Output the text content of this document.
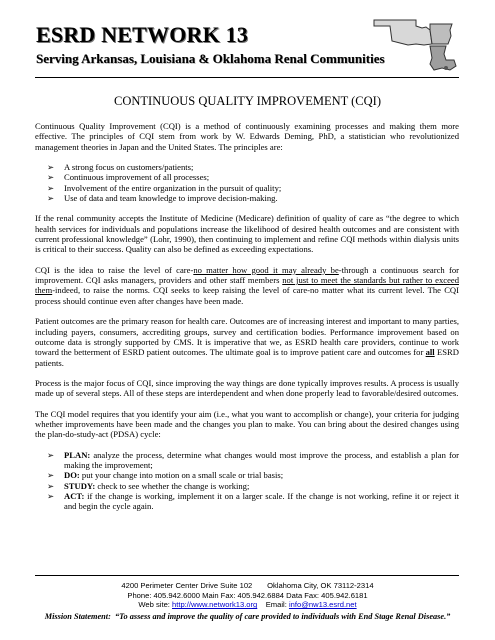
ESRD NETWORK 13
Serving Arkansas, Louisiana & Oklahoma Renal Communities
CONTINUOUS QUALITY IMPROVEMENT (CQI)

Continuous Quality Improvement (CQI) is a method of continuously examining processes and making them more effective. The principles of CQI stem from work by W. Edwards Deming, PhD, a statistician who revolutionized management theories in Japan and the United States. The principles are:

➢ A strong focus on customers/patients;
➢ Continuous improvement of all processes;
➢ Involvement of the entire organization in the pursuit of quality;
➢ Use of data and team knowledge to improve decision-making.

If the renal community accepts the Institute of Medicine (Medicare) definition of quality of care as “the degree to which health services for individuals and populations increase the likelihood of desired health outcomes and are consistent with current professional knowledge” (Lohr, 1990), then continuing to implement and refine CQI methods within dialysis units is critical to their success. Quality can also be defined as exceeding expectations.

CQI is the idea to raise the level of care-no matter how good it may already be-through a continuous search for improvement. CQI asks managers, providers and other staff members not just to meet the standards but rather to exceed them-indeed, to raise the norms. CQI seeks to keep raising the level of care-no matter what its current level. The CQI process should continue even after changes have been made.

Patient outcomes are the primary reason for health care. Outcomes are of increasing interest and important to many parties, including payers, consumers, accrediting groups, survey and certification bodies. Performance improvement based on outcome data is strongly supported by CMS. It is imperative that we, as ESRD health care providers, continue to work toward the betterment of ESRD patient outcomes. The ultimate goal is to improve patient care and outcomes for all ESRD patients.

Process is the major focus of CQI, since improving the way things are done typically improves results. A process is usually made up of several steps. All of these steps are interdependent and when done properly lead to favorable/desired outcomes.

The CQI model requires that you identify your aim (i.e., what you want to accomplish or change), your criteria for judging whether improvements have been made and the changes you plan to make. You can bring about the desired changes using the plan-do-study-act (PDSA) cycle:

➢ PLAN: analyze the process, determine what changes would most improve the process, and establish a plan for making the improvement;
➢ DO: put your change into motion on a small scale or trial basis;
➢ STUDY: check to see whether the change is working;
➢ ACT: if the change is working, implement it on a larger scale. If the change is not working, refine it or reject it and begin the cycle again.
4200 Perimeter Center Drive Suite 102 Oklahoma City, OK 73112-2314
Phone: 405.942.6000 Main Fax: 405.942.6884 Data Fax: 405.942.6181
Web site: http://www.network13.org Email: info@nw13.esrd.net
Mission Statement: “To assess and improve the quality of care provided to individuals with End Stage Renal Disease.”
